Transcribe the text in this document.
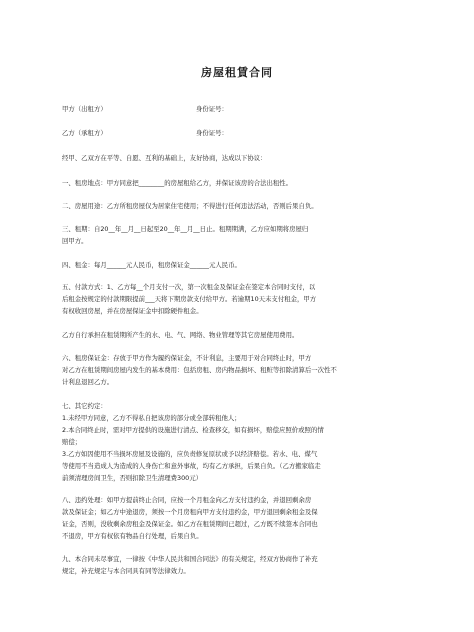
房屋租賃合同
甲方（出租方）	身份证号：
乙方（承租方）	身份证号：
经甲、乙双方在平等、自愿、互利的基础上，友好协商，达成以下协议：
一、租房地点：甲方同意把________的房屋租给乙方，并保证该房的合法出租性。
二、房屋用途：乙方所租房屋仅为居家住宅使用；不得进行任何违法活动，否则后果自负。
三、租期：自20__年__月__日起至20__年__月__日止。租期期满，乙方应如期将房屋归
回甲方。
四、租金：每月______元人民币，租房保证金______元人民币。
五、付款方式：1、乙方每__个月支付一次，第一次租金及保证金在签定本合同时支付，以
后租金按规定的付款期限提前___天将下期房款支付给甲方。若逾期10天未支付租金，甲方
有权收回房屋，并在房屋保证金中扣除硬件租金。
乙方自行承担在租赁期所产生的水、电、气、网络、物业管理等其它房屋使用费用。
六、租房保证金：存放于甲方作为履约保证金，不计利息，主要用于对合同终止时，甲方
对乙方在租赁期间房屋内发生的基本费用：包括房租、房内物品损坏、租赃等扣除清算后一次性不
计利息退回乙方。
七、其它约定：
1.未经甲方同意，乙方不得私自把该房的部分或全部转租他人；
2.本合同终止时，需对甲方提供的设施进行清点、检查移交，如有损坏，赔偿应照价或照的情
赔偿；
3.乙方如因使用不当损坏房屋及设施的，应负责修复原状或予以经济赔偿。若水、电、煤气
等使用不当造成人为造成的人身伤亡和意外事故，均有乙方承担，后果自负。（乙方搬家临走
前须清理房间卫生，否则扣除卫生清理费300元）
八、违约处理：如甲方提前终止合同，应按一个月租金向乙方支付违约金，并退回剩余房
款及保证金；如乙方中途退房，须按一个月房租向甲方支付违约金，甲方退回剩余租金及保
证金，否则，没收剩余房租金及保证金。如乙方在租赁期间已超过，乙方既不续签本合同也
不退房，甲方有权依有物品自行处理，后果自负。
九、本合同未尽事宜，一律按《中华人民共和国合同法》的有关规定，经双方协商作了补充
规定，补充规定与本合同具有同等法律效力。
